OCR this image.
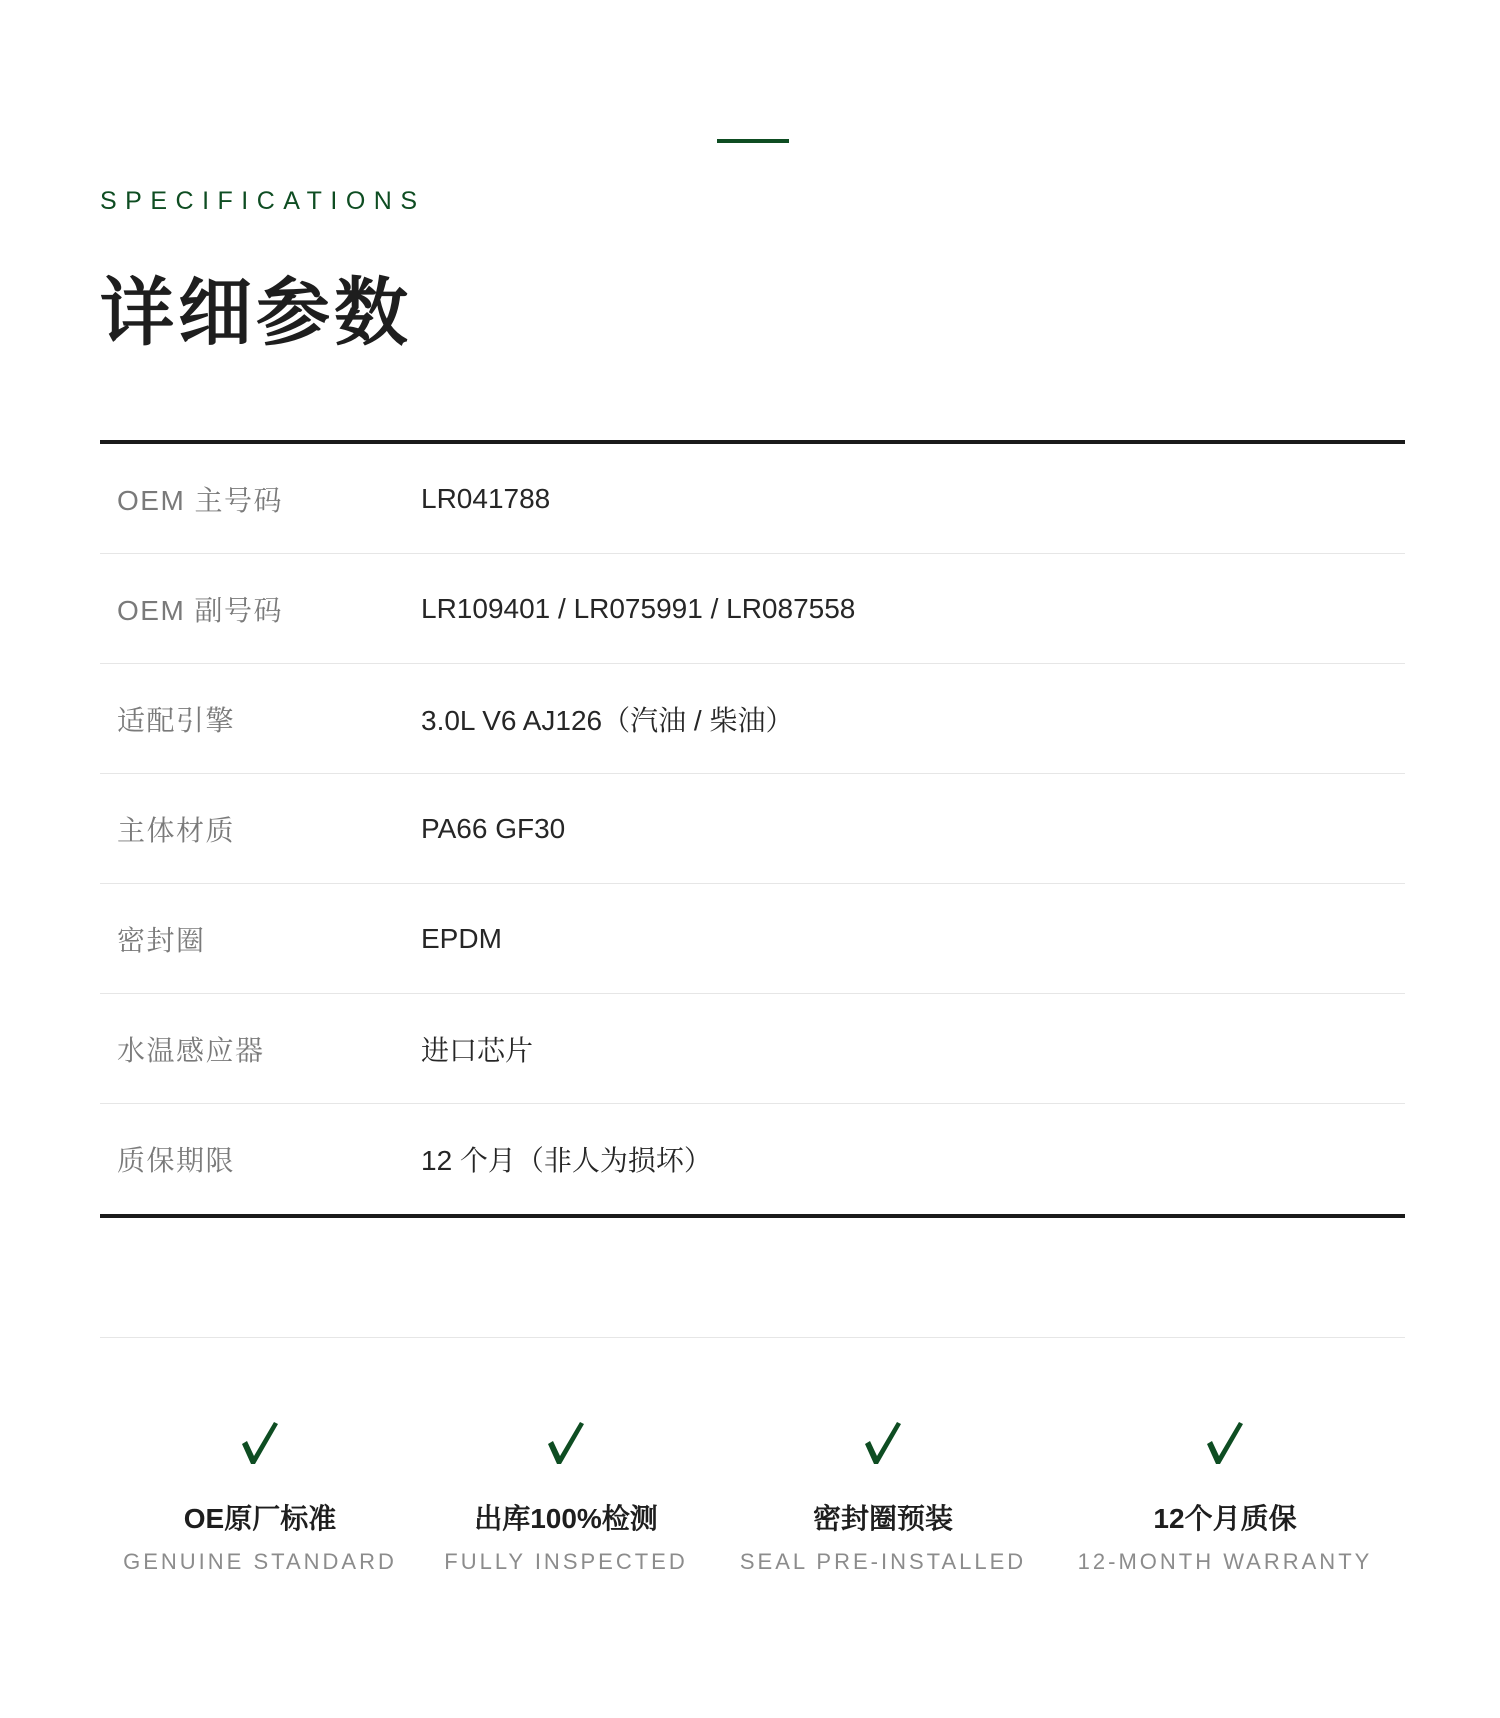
SPECIFICATIONS

详细参数
OEM 主号码	LR041788
OEM 副号码	LR109401 / LR075991 / LR087558
适配引擎	3.0L V6 AJ126（汽油 / 柴油）
主体材质	PA66 GF30
密封圈	EPDM
水温感应器	进口芯片
质保期限	12 个月（非人为损坏）
OE原厂标准
GENUINE STANDARD
出库100%检测
FULLY INSPECTED
密封圈预装
SEAL PRE-INSTALLED
12个月质保
12-MONTH WARRANTY
